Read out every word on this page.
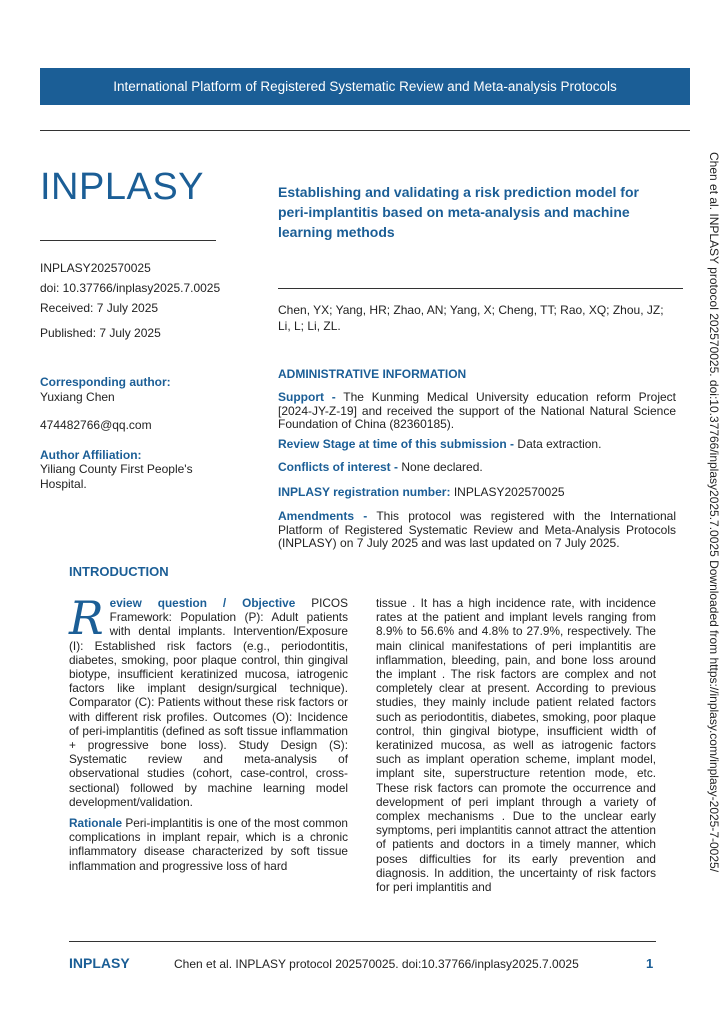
International Platform of Registered Systematic Review and Meta-analysis Protocols
INPLASY	Establishing and validating a risk prediction model for peri-implantitis based on meta-analysis and machine learning methods
INPLASY202570025
doi: 10.37766/inplasy2025.7.0025
Received: 7 July 2025
Published: 7 July 2025
Corresponding author:
Yuxiang Chen
474482766@qq.com
Author Affiliation:
Yiliang County First People's Hospital.
Chen, YX; Yang, HR; Zhao, AN; Yang, X; Cheng, TT; Rao, XQ; Zhou, JZ; Li, L; Li, ZL.
ADMINISTRATIVE INFORMATION
Support - The Kunming Medical University education reform Project [2024-JY-Z-19] and received the support of the National Natural Science Foundation of China (82360185).
Review Stage at time of this submission - Data extraction.
Conflicts of interest - None declared.
INPLASY registration number: INPLASY202570025
Amendments - This protocol was registered with the International Platform of Registered Systematic Review and Meta-Analysis Protocols (INPLASY) on 7 July 2025 and was last updated on 7 July 2025.
INTRODUCTION
Review question / Objective PICOS Framework: Population (P): Adult patients with dental implants. Intervention/Exposure (I): Established risk factors (e.g., periodontitis, diabetes, smoking, poor plaque control, thin gingival biotype, insufficient keratinized mucosa, iatrogenic factors like implant design/surgical technique). Comparator (C): Patients without these risk factors or with different risk profiles. Outcomes (O): Incidence of peri-implantitis (defined as soft tissue inflammation + progressive bone loss). Study Design (S): Systematic review and meta-analysis of observational studies (cohort, case-control, cross-sectional) followed by machine learning model development/validation.
Rationale Peri-implantitis is one of the most common complications in implant repair, which is a chronic inflammatory disease characterized by soft tissue inflammation and progressive loss of hard
tissue . It has a high incidence rate, with incidence rates at the patient and implant levels ranging from 8.9% to 56.6% and 4.8% to 27.9%, respectively. The main clinical manifestations of peri implantitis are inflammation, bleeding, pain, and bone loss around the implant . The risk factors are complex and not completely clear at present. According to previous studies, they mainly include patient related factors such as periodontitis, diabetes, smoking, poor plaque control, thin gingival biotype, insufficient width of keratinized mucosa, as well as iatrogenic factors such as implant operation scheme, implant model, implant site, superstructure retention mode, etc. These risk factors can promote the occurrence and development of peri implant through a variety of complex mechanisms . Due to the unclear early symptoms, peri implantitis cannot attract the attention of patients and doctors in a timely manner, which poses difficulties for its early prevention and diagnosis. In addition, the uncertainty of risk factors for peri implantitis and
Chen et al. INPLASY protocol 202570025. doi:10.37766/inplasy2025.7.0025 Downloaded from https://inplasy.com/inplasy-2025-7-0025/
INPLASY	Chen et al. INPLASY protocol 202570025. doi:10.37766/inplasy2025.7.0025	1
